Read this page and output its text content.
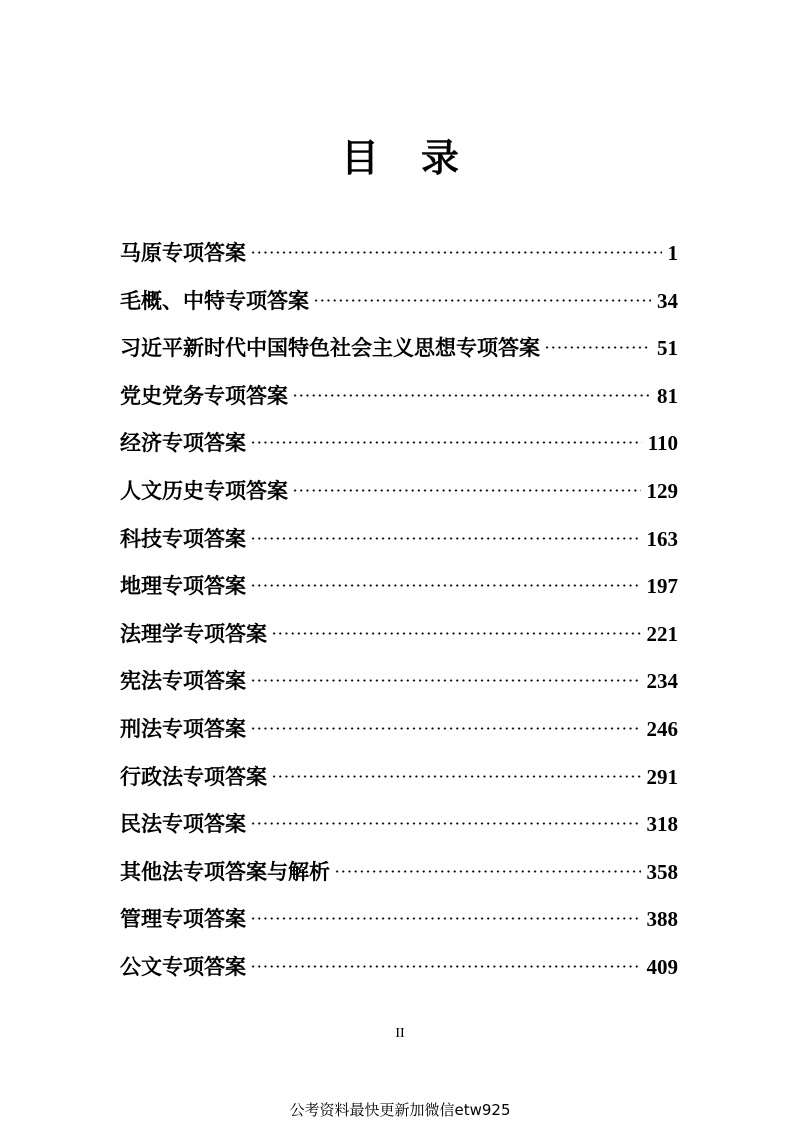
目 录
马原专项答案	1
毛概、中特专项答案	34
习近平新时代中国特色社会主义思想专项答案	51
党史党务专项答案	81
经济专项答案	110
人文历史专项答案	129
科技专项答案	163
地理专项答案	197
法理学专项答案	221
宪法专项答案	234
刑法专项答案	246
行政法专项答案	291
民法专项答案	318
其他法专项答案与解析	358
管理专项答案	388
公文专项答案	409
II
公考资料最快更新加微信etw925
